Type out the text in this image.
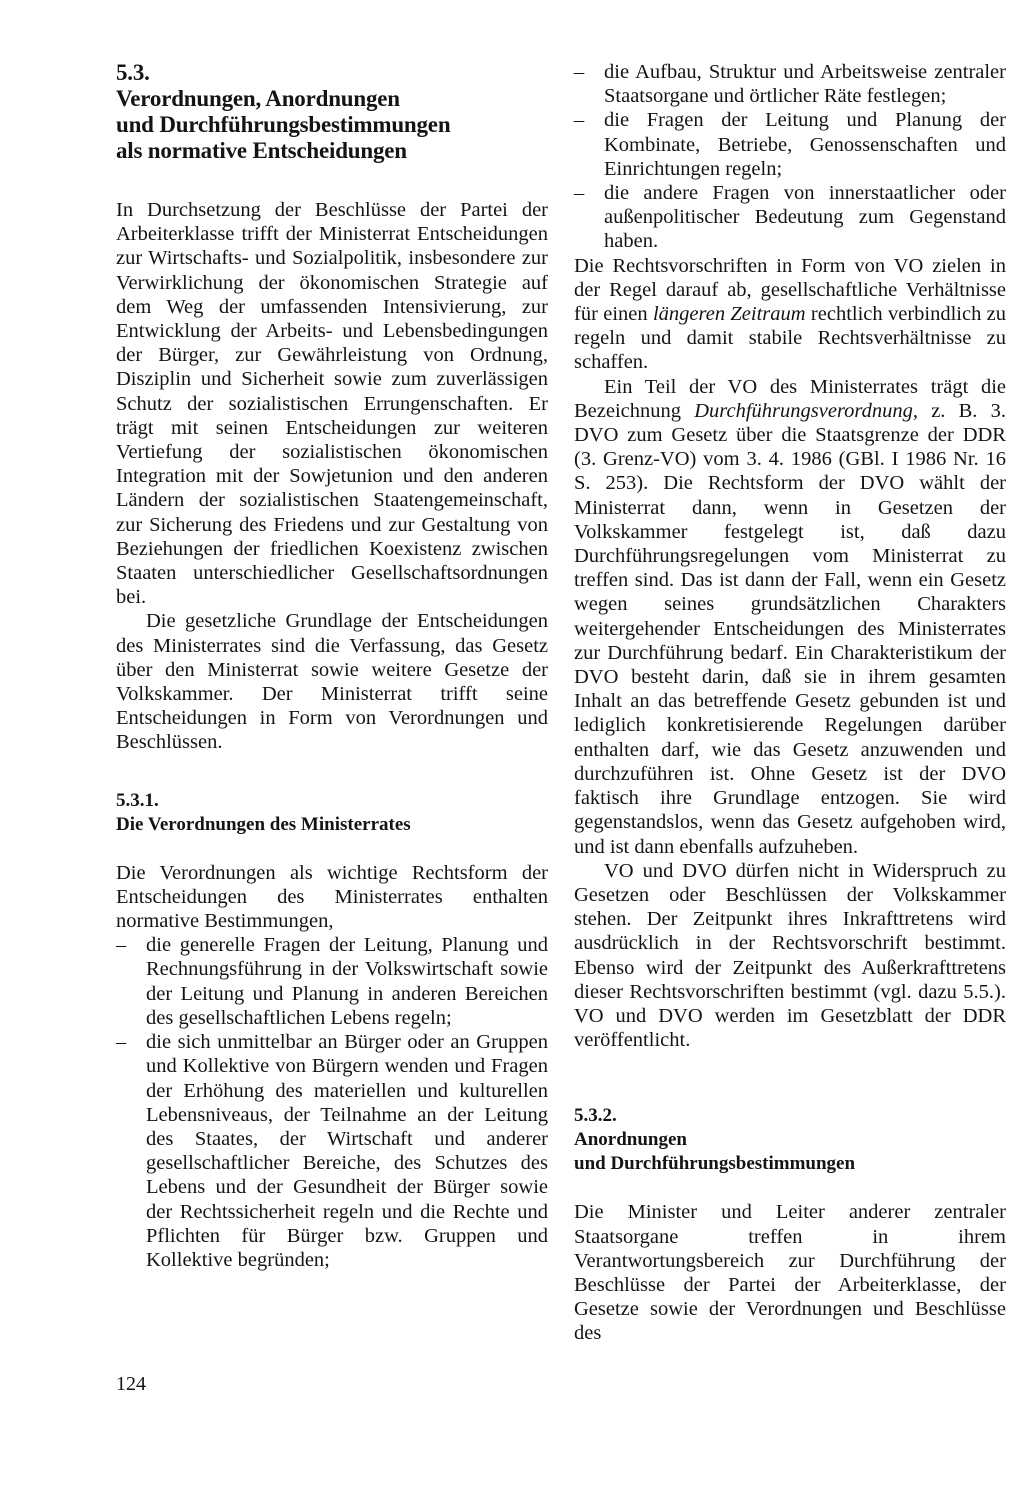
5.3.
Verordnungen, Anordnungen
und Durchführungsbestimmungen
als normative Entscheidungen

In Durchsetzung der Beschlüsse der Partei der Arbeiterklasse trifft der Ministerrat Entscheidungen zur Wirtschafts- und Sozialpolitik, insbesondere zur Verwirklichung der ökonomischen Strategie auf dem Weg der umfassenden Intensivierung, zur Entwicklung der Arbeits- und Lebensbedingungen der Bürger, zur Gewährleistung von Ordnung, Disziplin und Sicherheit sowie zum zuverlässigen Schutz der sozialistischen Errungenschaften. Er trägt mit seinen Entscheidungen zur weiteren Vertiefung der sozialistischen ökonomischen Integration mit der Sowjetunion und den anderen Ländern der sozialistischen Staatengemeinschaft, zur Sicherung des Friedens und zur Gestaltung von Beziehungen der friedlichen Koexistenz zwischen Staaten unterschiedlicher Gesellschaftsordnungen bei.

Die gesetzliche Grundlage der Entscheidungen des Ministerrates sind die Verfassung, das Gesetz über den Ministerrat sowie weitere Gesetze der Volkskammer. Der Ministerrat trifft seine Entscheidungen in Form von Verordnungen und Beschlüssen.

5.3.1.
Die Verordnungen des Ministerrates

Die Verordnungen als wichtige Rechtsform der Entscheidungen des Ministerrates enthalten normative Bestimmungen,

– die generelle Fragen der Leitung, Planung und Rechnungsführung in der Volkswirtschaft sowie der Leitung und Planung in anderen Bereichen des gesellschaftlichen Lebens regeln;
– die sich unmittelbar an Bürger oder an Gruppen und Kollektive von Bürgern wenden und Fragen der Erhöhung des materiellen und kulturellen Lebensniveaus, der Teilnahme an der Leitung des Staates, der Wirtschaft und anderer gesellschaftlicher Bereiche, des Schutzes des Lebens und der Gesundheit der Bürger sowie der Rechtssicherheit regeln und die Rechte und Pflichten für Bürger bzw. Gruppen und Kollektive begründen;
– die Aufbau, Struktur und Arbeitsweise zentraler Staatsorgane und örtlicher Räte festlegen;
– die Fragen der Leitung und Planung der Kombinate, Betriebe, Genossenschaften und Einrichtungen regeln;
– die andere Fragen von innerstaatlicher oder außenpolitischer Bedeutung zum Gegenstand haben.

Die Rechtsvorschriften in Form von VO zielen in der Regel darauf ab, gesellschaftliche Verhältnisse für einen längeren Zeitraum rechtlich verbindlich zu regeln und damit stabile Rechtsverhältnisse zu schaffen.

Ein Teil der VO des Ministerrates trägt die Bezeichnung Durchführungsverordnung, z. B. 3. DVO zum Gesetz über die Staatsgrenze der DDR (3. Grenz-VO) vom 3. 4. 1986 (GBl. I 1986 Nr. 16 S. 253). Die Rechtsform der DVO wählt der Ministerrat dann, wenn in Gesetzen der Volkskammer festgelegt ist, daß dazu Durchführungsregelungen vom Ministerrat zu treffen sind. Das ist dann der Fall, wenn ein Gesetz wegen seines grundsätzlichen Charakters weitergehender Entscheidungen des Ministerrates zur Durchführung bedarf. Ein Charakteristikum der DVO besteht darin, daß sie in ihrem gesamten Inhalt an das betreffende Gesetz gebunden ist und lediglich konkretisierende Regelungen darüber enthalten darf, wie das Gesetz anzuwenden und durchzuführen ist. Ohne Gesetz ist der DVO faktisch ihre Grundlage entzogen. Sie wird gegenstandslos, wenn das Gesetz aufgehoben wird, und ist dann ebenfalls aufzuheben.

VO und DVO dürfen nicht in Widerspruch zu Gesetzen oder Beschlüssen der Volkskammer stehen. Der Zeitpunkt ihres Inkrafttretens wird ausdrücklich in der Rechtsvorschrift bestimmt. Ebenso wird der Zeitpunkt des Außerkrafttretens dieser Rechtsvorschriften bestimmt (vgl. dazu 5.5.). VO und DVO werden im Gesetzblatt der DDR veröffentlicht.

5.3.2.
Anordnungen
und Durchführungsbestimmungen

Die Minister und Leiter anderer zentraler Staatsorgane treffen in ihrem Verantwortungsbereich zur Durchführung der Beschlüsse der Partei der Arbeiterklasse, der Gesetze sowie der Verordnungen und Beschlüsse des

124
